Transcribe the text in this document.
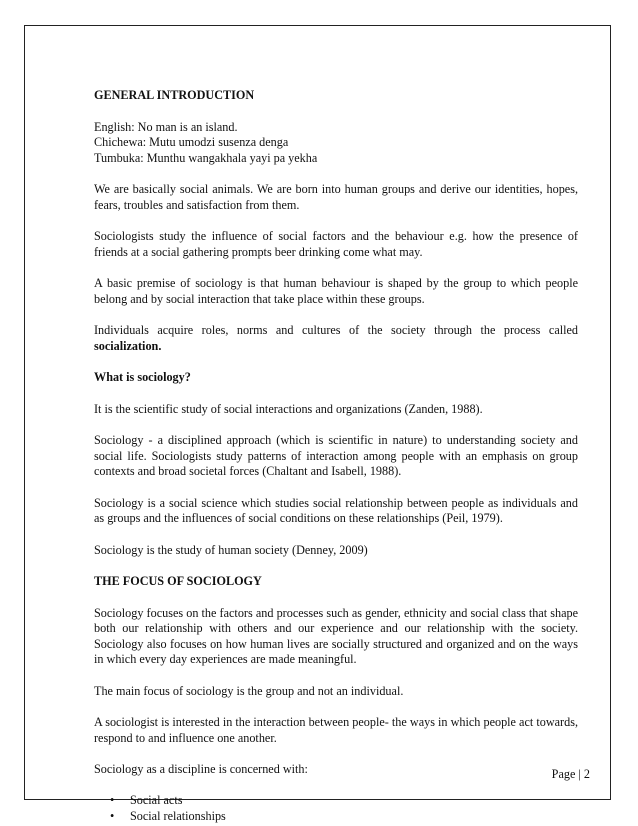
GENERAL INTRODUCTION

English: No man is an island.
Chichewa: Mutu umodzi susenza denga
Tumbuka: Munthu wangakhala yayi pa yekha

We are basically social animals. We are born into human groups and derive our identities, hopes, fears, troubles and satisfaction from them.

Sociologists study the influence of social factors and the behaviour e.g. how the presence of friends at a social gathering prompts beer drinking come what may.

A basic premise of sociology is that human behaviour is shaped by the group to which people belong and by social interaction that take place within these groups.

Individuals acquire roles, norms and cultures of the society through the process called socialization.

What is sociology?

It is the scientific study of social interactions and organizations (Zanden, 1988).

Sociology - a disciplined approach (which is scientific in nature) to understanding society and social life. Sociologists study patterns of interaction among people with an emphasis on group contexts and broad societal forces (Chaltant and Isabell, 1988).

Sociology is a social science which studies social relationship between people as individuals and as groups and the influences of social conditions on these relationships (Peil, 1979).

Sociology is the study of human society (Denney, 2009)

THE FOCUS OF SOCIOLOGY

Sociology focuses on the factors and processes such as gender, ethnicity and social class that shape both our relationship with others and our experience and our relationship with the society. Sociology also focuses on how human lives are socially structured and organized and on the ways in which every day experiences are made meaningful.

The main focus of sociology is the group and not an individual.

A sociologist is interested in the interaction between people- the ways in which people act towards, respond to and influence one another.

Sociology as a discipline is concerned with:

• Social acts
• Social relationships
Page | 2
